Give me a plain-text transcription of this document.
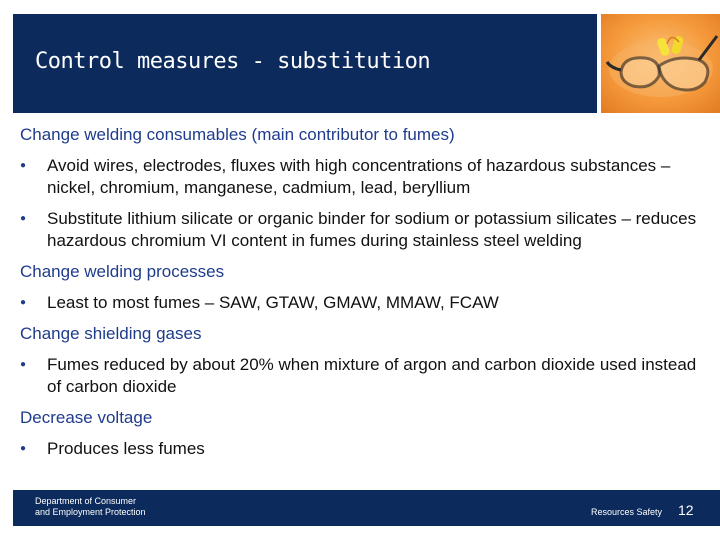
Control measures - substitution
Change welding consumables (main contributor to fumes)
● Avoid wires, electrodes, fluxes with high concentrations of hazardous substances – nickel, chromium, manganese, cadmium, lead, beryllium
● Substitute lithium silicate or organic binder for sodium or potassium silicates – reduces hazardous chromium VI content in fumes during stainless steel welding
Change welding processes
● Least to most fumes – SAW, GTAW, GMAW, MMAW, FCAW
Change shielding gases
● Fumes reduced by about 20% when mixture of argon and carbon dioxide used instead of carbon dioxide
Decrease voltage
● Produces less fumes
Department of Consumer
and Employment Protection	Resources Safety 12
